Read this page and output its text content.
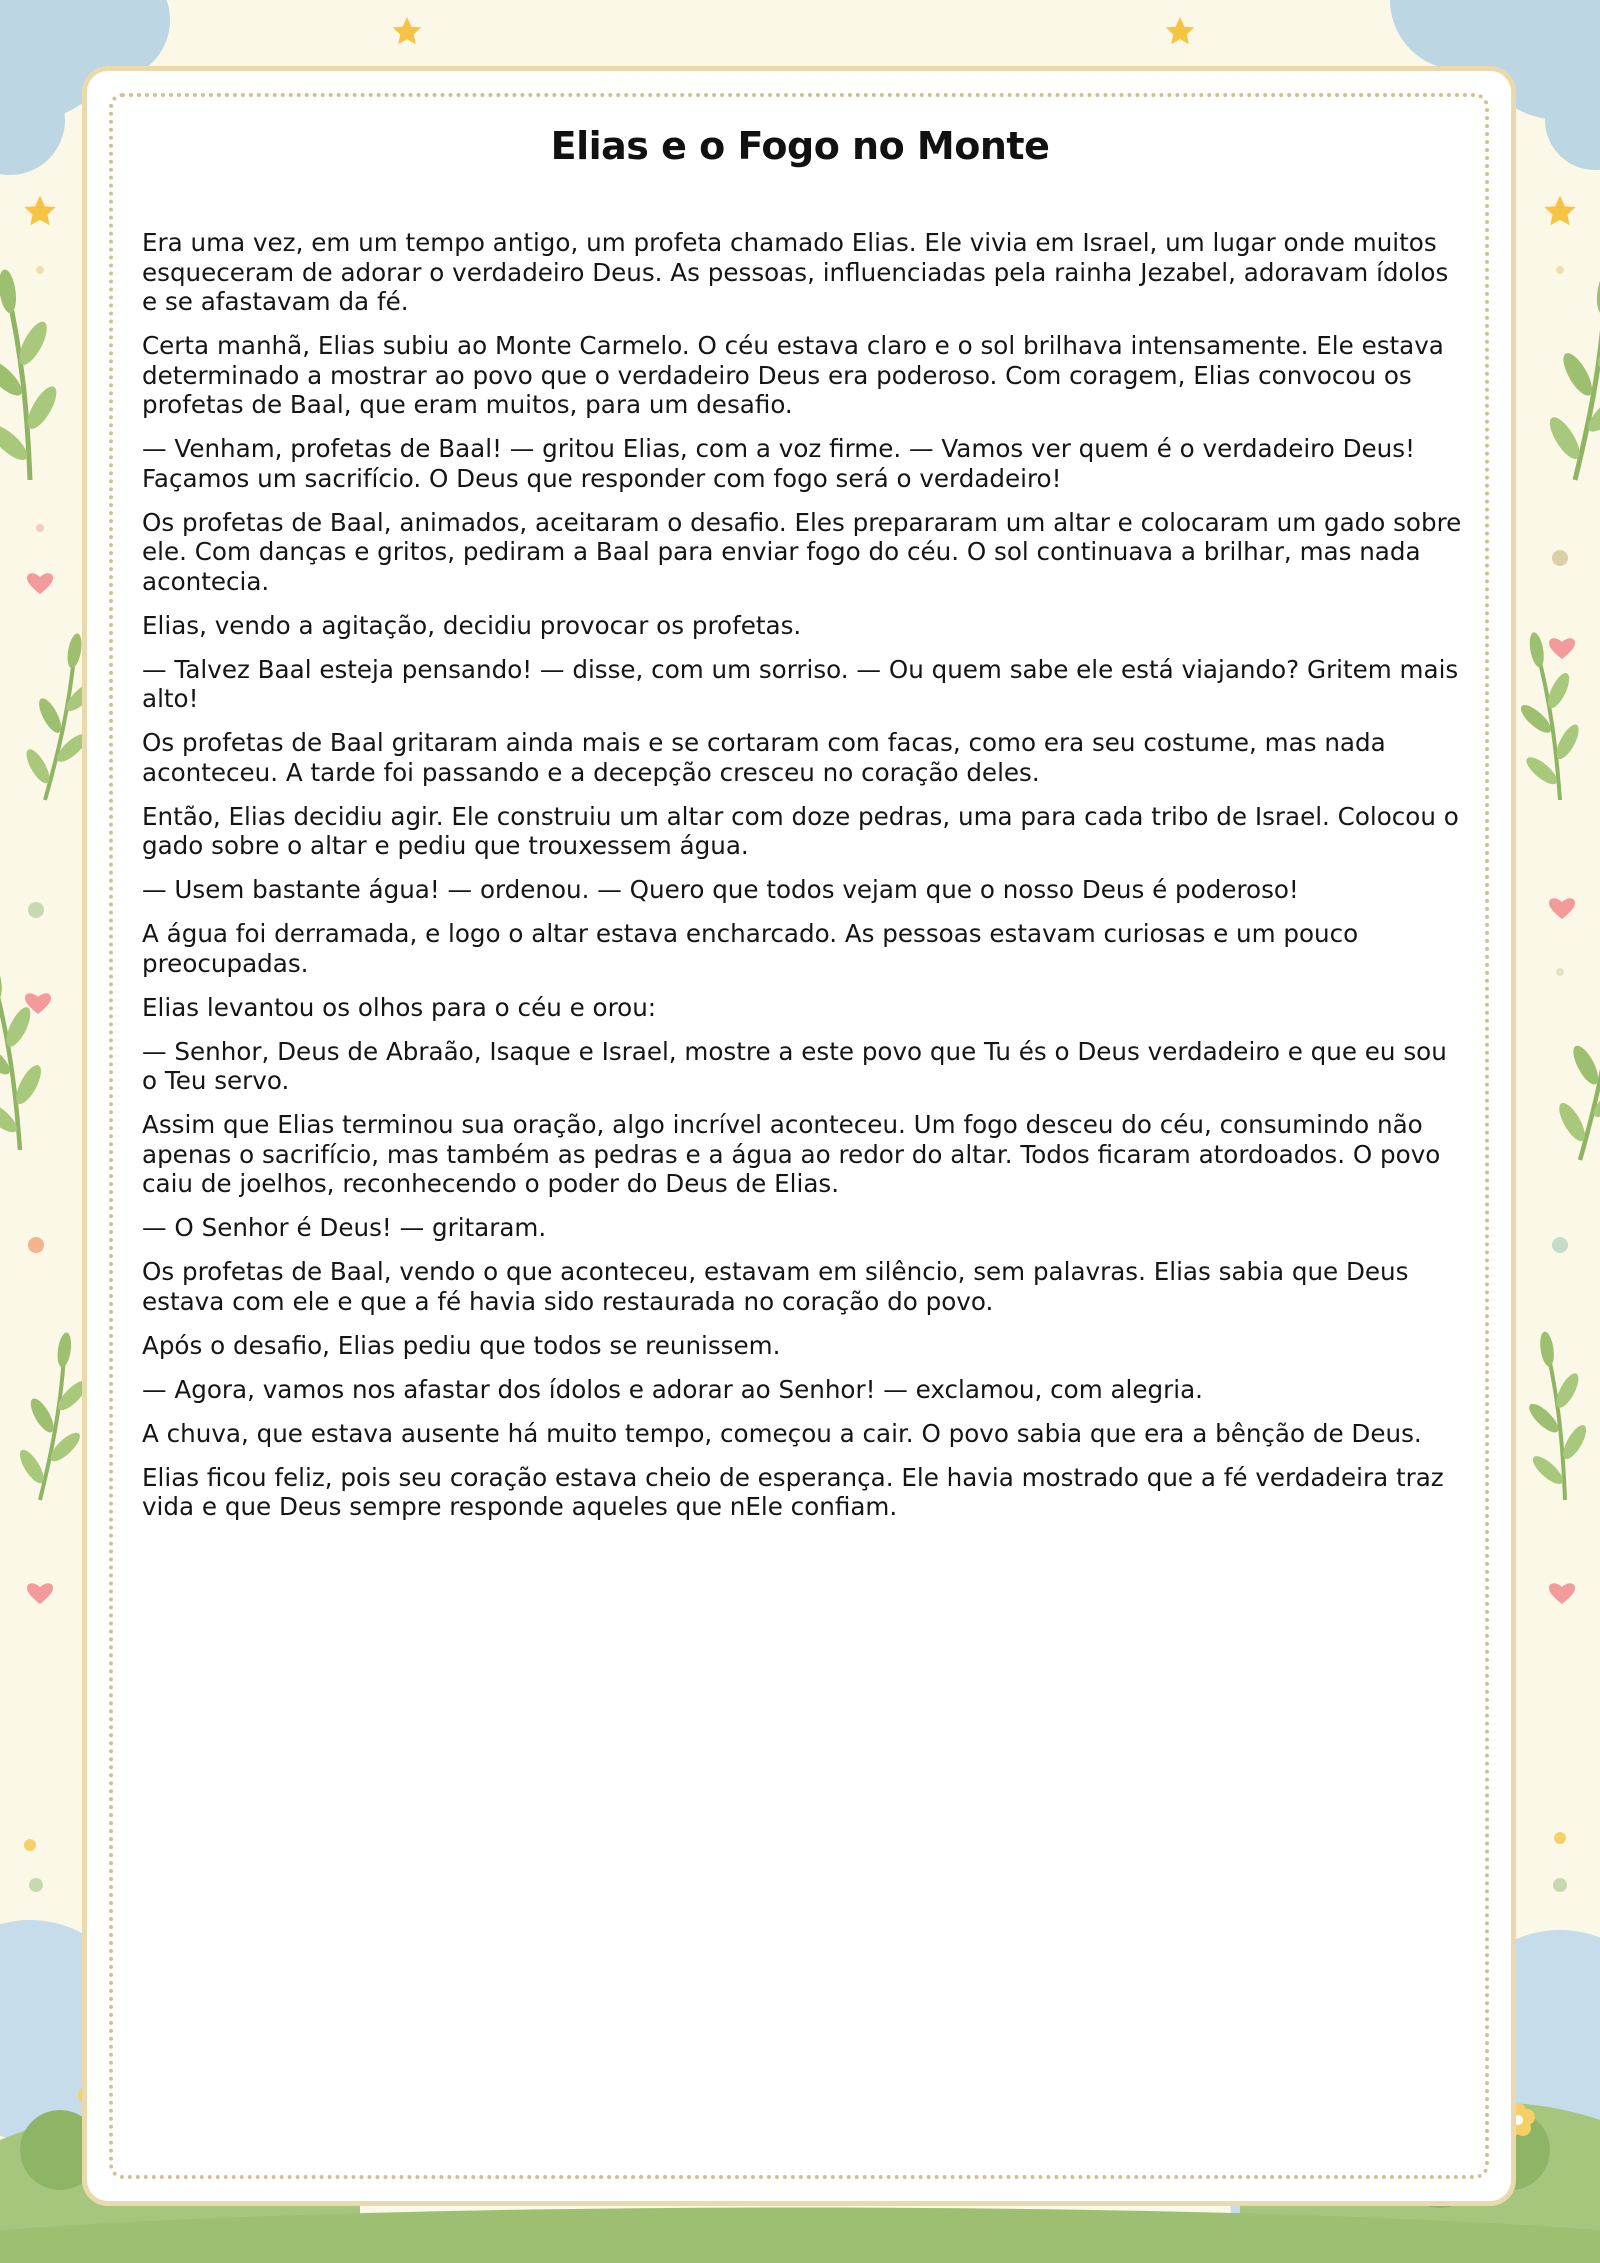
Elias e o Fogo no Monte

Era uma vez, em um tempo antigo, um profeta chamado Elias. Ele vivia em Israel, um lugar onde muitos esqueceram de adorar o verdadeiro Deus. As pessoas, influenciadas pela rainha Jezabel, adoravam ídolos e se afastavam da fé.

Certa manhã, Elias subiu ao Monte Carmelo. O céu estava claro e o sol brilhava intensamente. Ele estava determinado a mostrar ao povo que o verdadeiro Deus era poderoso. Com coragem, Elias convocou os profetas de Baal, que eram muitos, para um desafio.

— Venham, profetas de Baal! — gritou Elias, com a voz firme. — Vamos ver quem é o verdadeiro Deus! Façamos um sacrifício. O Deus que responder com fogo será o verdadeiro!

Os profetas de Baal, animados, aceitaram o desafio. Eles prepararam um altar e colocaram um gado sobre ele. Com danças e gritos, pediram a Baal para enviar fogo do céu. O sol continuava a brilhar, mas nada acontecia.

Elias, vendo a agitação, decidiu provocar os profetas.

— Talvez Baal esteja pensando! — disse, com um sorriso. — Ou quem sabe ele está viajando? Gritem mais alto!

Os profetas de Baal gritaram ainda mais e se cortaram com facas, como era seu costume, mas nada aconteceu. A tarde foi passando e a decepção cresceu no coração deles.

Então, Elias decidiu agir. Ele construiu um altar com doze pedras, uma para cada tribo de Israel. Colocou o gado sobre o altar e pediu que trouxessem água.

— Usem bastante água! — ordenou. — Quero que todos vejam que o nosso Deus é poderoso!

A água foi derramada, e logo o altar estava encharcado. As pessoas estavam curiosas e um pouco preocupadas.

Elias levantou os olhos para o céu e orou:

— Senhor, Deus de Abraão, Isaque e Israel, mostre a este povo que Tu és o Deus verdadeiro e que eu sou o Teu servo.

Assim que Elias terminou sua oração, algo incrível aconteceu. Um fogo desceu do céu, consumindo não apenas o sacrifício, mas também as pedras e a água ao redor do altar. Todos ficaram atordoados. O povo caiu de joelhos, reconhecendo o poder do Deus de Elias.

— O Senhor é Deus! — gritaram.

Os profetas de Baal, vendo o que aconteceu, estavam em silêncio, sem palavras. Elias sabia que Deus estava com ele e que a fé havia sido restaurada no coração do povo.

Após o desafio, Elias pediu que todos se reunissem.

— Agora, vamos nos afastar dos ídolos e adorar ao Senhor! — exclamou, com alegria.

A chuva, que estava ausente há muito tempo, começou a cair. O povo sabia que era a bênção de Deus.

Elias ficou feliz, pois seu coração estava cheio de esperança. Ele havia mostrado que a fé verdadeira traz vida e que Deus sempre responde aqueles que nEle confiam.
